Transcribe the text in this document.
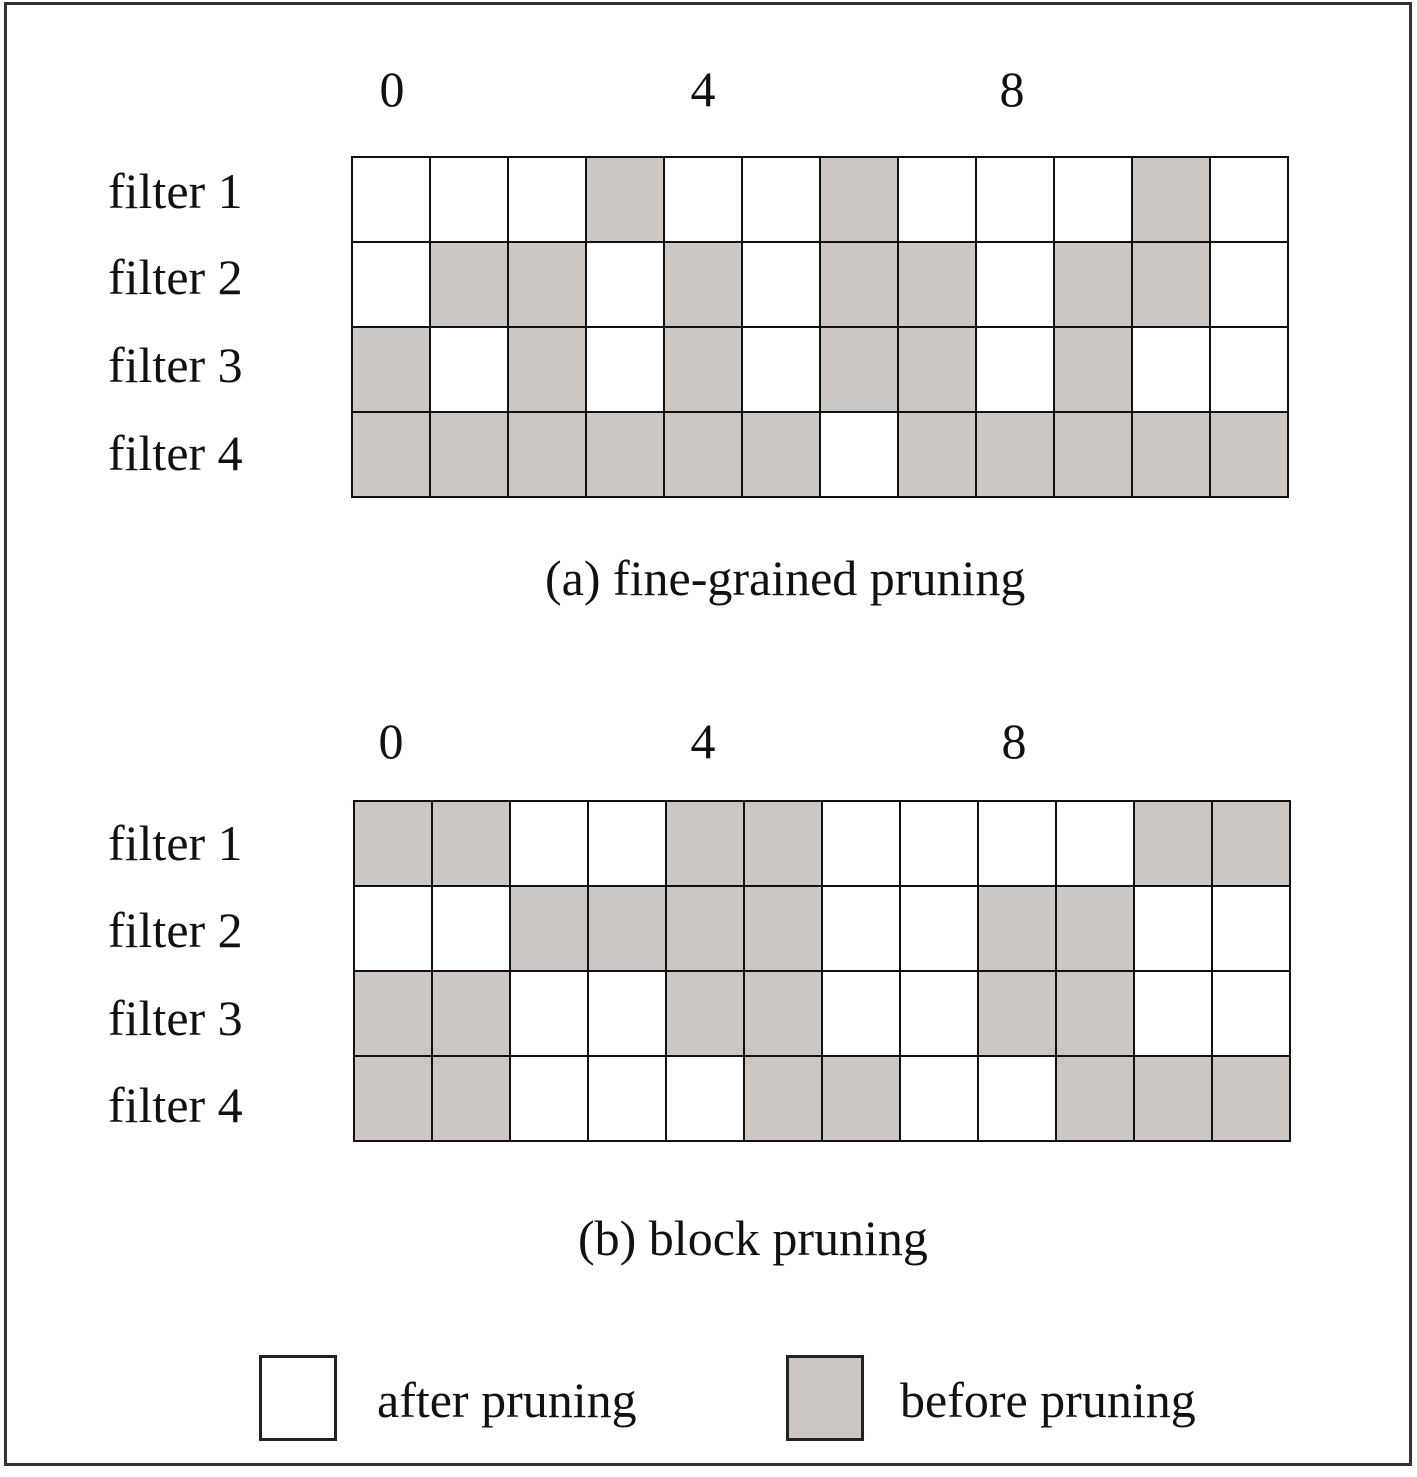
0	4	8
filter 1
filter 2
filter 3
filter 4
(a) fine-grained pruning
0	4	8
filter 1
filter 2
filter 3
filter 4
(b) block pruning
after pruning	before pruning
